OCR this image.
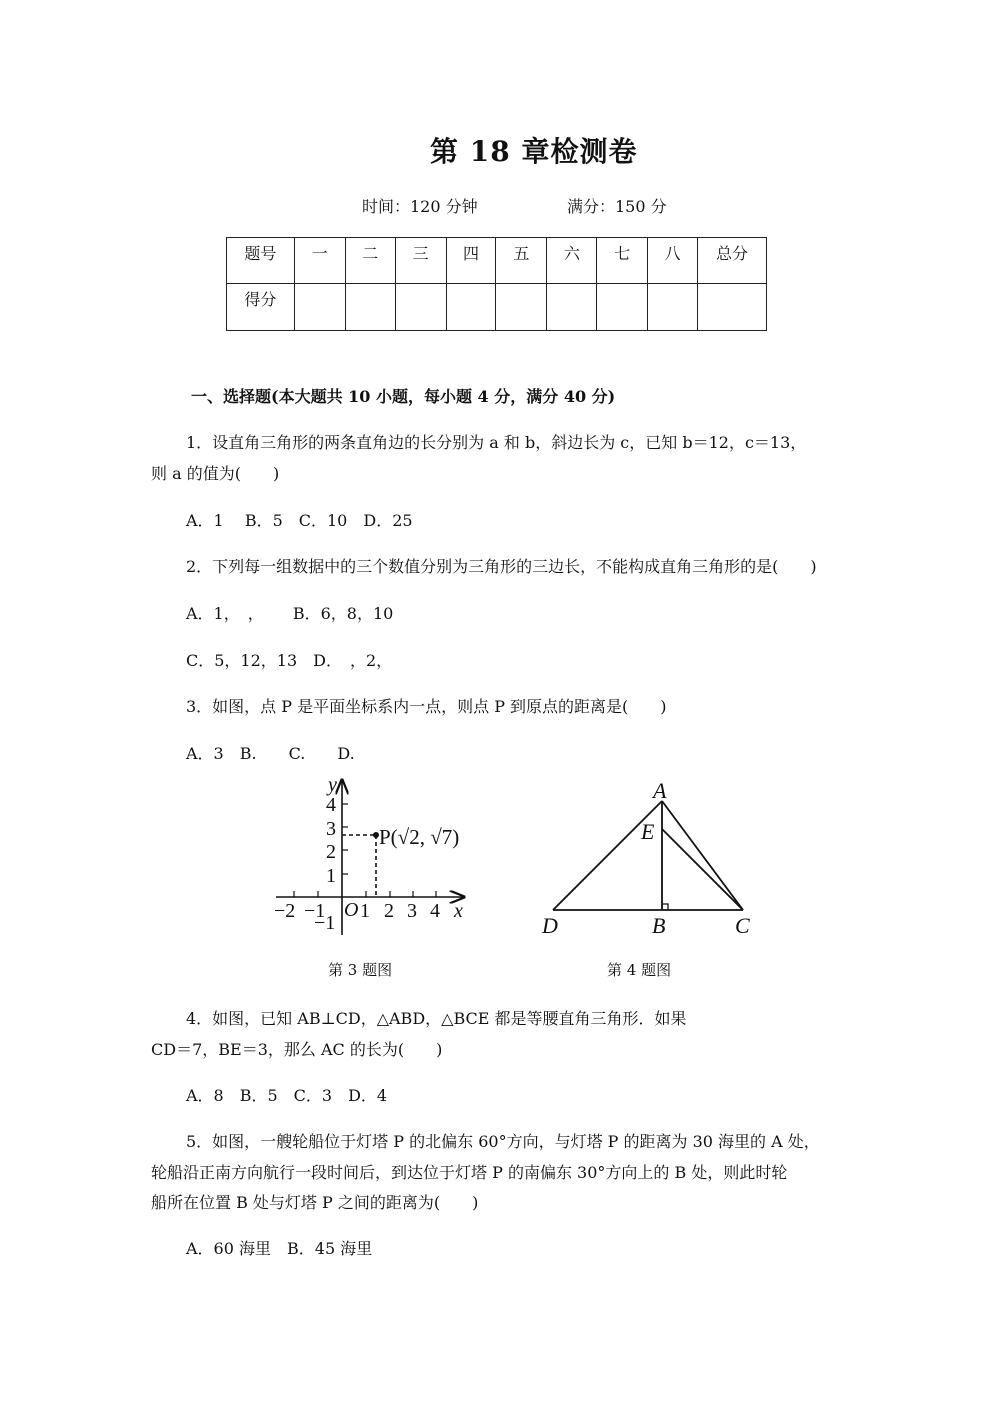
第 18 章检测卷
时间：120 分钟	满分：150 分
题号	一	二	三	四	五	六	七	八	总分
得分									
一、选择题(本大题共 10 小题，每小题 4 分，满分 40 分)
1．设直角三角形的两条直角边的长分别为 a 和 b，斜边长为 c，已知 b＝12，c＝13，
则 a 的值为(　　)
A．1　 B．5　C．10　D．25
2．下列每一组数据中的三个数值分别为三角形的三边长，不能构成直角三角形的是(　　)
A．1，　，　　 B．6，8，10
C．5，12，13　D．　，2，
3．如图，点 P 是平面坐标系内一点，则点 P 到原点的距离是(　　)
A．3　B.　　C.　　D.
y
x
O
4
3
2
1
−1
−2 −1 1 2 3 4
P(√2, √7)
第 3 题图
A
E
D	B	C
第 4 题图
4．如图，已知 AB⊥CD，△ABD，△BCE 都是等腰直角三角形．如果
CD＝7，BE＝3，那么 AC 的长为(　　)
A．8　B．5　C．3　D．4
5．如图，一艘轮船位于灯塔 P 的北偏东 60°方向，与灯塔 P 的距离为 30 海里的 A 处，
轮船沿正南方向航行一段时间后，到达位于灯塔 P 的南偏东 30°方向上的 B 处，则此时轮
船所在位置 B 处与灯塔 P 之间的距离为(　　)
A．60 海里　B．45 海里
